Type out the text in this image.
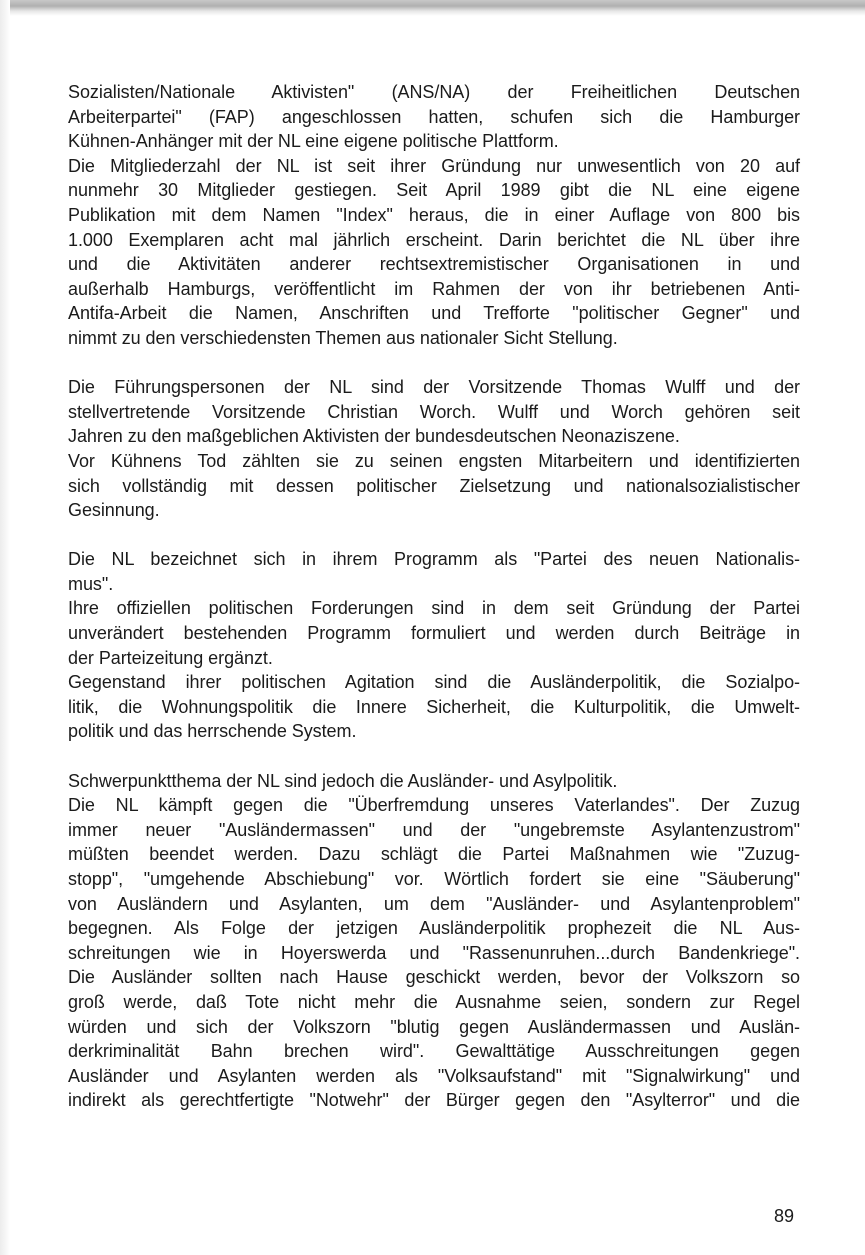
Sozialisten/Nationale Aktivisten" (ANS/NA) der Freiheitlichen Deutschen
Arbeiterpartei" (FAP) angeschlossen hatten, schufen sich die Hamburger
Kühnen-Anhänger mit der NL eine eigene politische Plattform.
Die Mitgliederzahl der NL ist seit ihrer Gründung nur unwesentlich von 20 auf
nunmehr 30 Mitglieder gestiegen. Seit April 1989 gibt die NL eine eigene
Publikation mit dem Namen "Index" heraus, die in einer Auflage von 800 bis
1.000 Exemplaren acht mal jährlich erscheint. Darin berichtet die NL über ihre
und die Aktivitäten anderer rechtsextremistischer Organisationen in und
außerhalb Hamburgs, veröffentlicht im Rahmen der von ihr betriebenen Anti-
Antifa-Arbeit die Namen, Anschriften und Trefforte "politischer Gegner" und
nimmt zu den verschiedensten Themen aus nationaler Sicht Stellung.
Die Führungspersonen der NL sind der Vorsitzende Thomas Wulff und der
stellvertretende Vorsitzende Christian Worch. Wulff und Worch gehören seit
Jahren zu den maßgeblichen Aktivisten der bundesdeutschen Neonaziszene.
Vor Kühnens Tod zählten sie zu seinen engsten Mitarbeitern und identifizierten
sich vollständig mit dessen politischer Zielsetzung und nationalsozialistischer
Gesinnung.
Die NL bezeichnet sich in ihrem Programm als "Partei des neuen Nationalis-
mus".
Ihre offiziellen politischen Forderungen sind in dem seit Gründung der Partei
unverändert bestehenden Programm formuliert und werden durch Beiträge in
der Parteizeitung ergänzt.
Gegenstand ihrer politischen Agitation sind die Ausländerpolitik, die Sozialpo-
litik, die Wohnungspolitik die Innere Sicherheit, die Kulturpolitik, die Umwelt-
politik und das herrschende System.
Schwerpunktthema der NL sind jedoch die Ausländer- und Asylpolitik.
Die NL kämpft gegen die "Überfremdung unseres Vaterlandes". Der Zuzug
immer neuer "Ausländermassen" und der "ungebremste Asylantenzustrom"
müßten beendet werden. Dazu schlägt die Partei Maßnahmen wie "Zuzug-
stopp", "umgehende Abschiebung" vor. Wörtlich fordert sie eine "Säuberung"
von Ausländern und Asylanten, um dem "Ausländer- und Asylantenproblem"
begegnen. Als Folge der jetzigen Ausländerpolitik prophezeit die NL Aus-
schreitungen wie in Hoyerswerda und "Rassenunruhen...durch Bandenkriege".
Die Ausländer sollten nach Hause geschickt werden, bevor der Volkszorn so
groß werde, daß Tote nicht mehr die Ausnahme seien, sondern zur Regel
würden und sich der Volkszorn "blutig gegen Ausländermassen und Auslän-
derkriminalität Bahn brechen wird". Gewalttätige Ausschreitungen gegen
Ausländer und Asylanten werden als "Volksaufstand" mit "Signalwirkung" und
indirekt als gerechtfertigte "Notwehr" der Bürger gegen den "Asylterror" und die
89
